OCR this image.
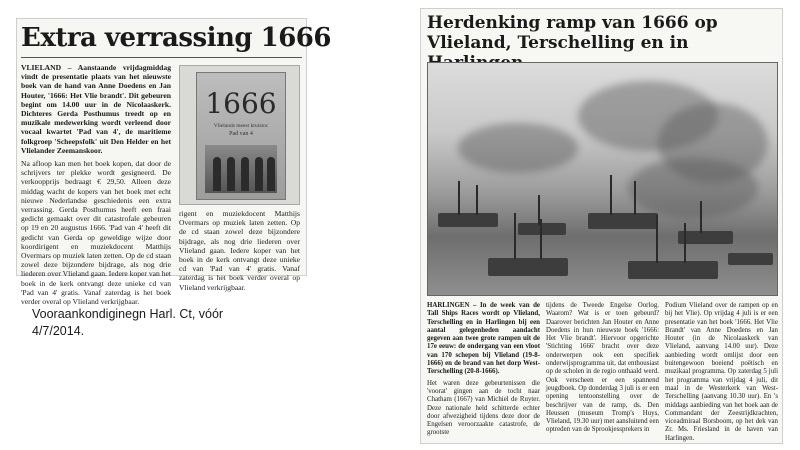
Extra verrassing 1666

VLIELAND – Aanstaande vrijdagmiddag vindt de presentatie plaats van het nieuwste boek van de hand van Anne Doedens en Jan Houter, '1666: Het Vlie brandt'. Dit gebeuren begint om 14.00 uur in de Nicolaaskerk. Dichteres Gerda Posthumus treedt op en muzikale medewerking wordt verleend door vocaal kwartet 'Pad van 4', de maritieme folkgroep 'Scheepsfolk' uit Den Helder en het Vlielander Zeemanskoor.

Na afloop kan men het boek kopen, dat door de schrijvers ter plekke wordt gesigneerd. De verkoopprijs bedraagt € 29,50. Alleen deze middag wacht de kopers van het boek met echt nieuwe Nederlandse geschiedenis een extra verrassing. Gerda Posthumus heeft een fraai gedicht gemaakt over dit catastrofale gebeuren op 19 en 20 augustus 1666. 'Pad van 4' heeft dit gedicht van Gerda op geweldige wijze door koordirigent en muziekdocent Matthijs Overmars op muziek laten zetten. Op de cd staan zowel deze bijzondere bijdrage, als nog drie liederen over Vlieland gaan. Iedere koper van het boek in de kerk ontvangt deze unieke cd van 'Pad van 4' gratis. Vanaf zaterdag is het boek verder overal op Vlieland verkrijgbaar.

1666
Vlielands meest kruistoc
Pad van 4
rigent en muziekdocent Matthijs Overmars op muziek laten zetten. Op de cd staan zowel deze bijzondere bijdrage, als nog drie liederen over Vlieland gaan. Iedere koper van het boek in de kerk ontvangt deze unieke cd van 'Pad van 4' gratis. Vanaf zaterdag is het boek verder overal op Vlieland verkrijgbaar.
Vooraankondiginegn Harl. Ct, vóór 4/7/2014.
Herdenking ramp van 1666 op Vlieland, Terschelling en in

HARLINGEN – In de week van de Tall Ships Races wordt op Vlieland, Terschelling en in Harlingen bij een aantal gelegenheden aandacht gegeven aan twee grote rampen uit de 17e eeuw: de ondergang van een vloot van 170 schepen bij Vlieland (19-8-1666) en de brand van het dorp West-Terschelling (20-8-1666).

Het waren deze gebeurtenissen die 'voorat' gingen aan de tocht naar Chatham (1667) van Michiel de Ruyter. Deze nationale held schitterde echter door afwezigheid tijdens deze door de Engelsen veroorzaakte catastrofe, de grootste

tijdens de Tweede Engelse Oorlog. Waarom? Wat is er toen gebeurd? Daarover berichten Jan Houter en Anne Doedens in hun nieuwste boek '1666: Het Vlie brandt'. Hiervoor opgerichte 'Stichting 1666' bracht over deze onderwerpen ook een specifiek onderwijsprogramma uit, dat enthousiast op de scholen in de regio onthaald werd. Ook verscheen er een spannend jeugdboek. Op donderdag 3 juli is er een opening tentoonstelling over de beschrijver van de ramp, ds. Den Heussen (museum Tromp's Huys, Vlieland, 19.30 uur) met aansluitend een optreden van de Sprookjessprekers in

Podium Vlieland over de rampen op en bij het Vlie). Op vrijdag 4 juli is er een presentatie van het boek '1666. Het Vlie Brandt' van Anne Doedens en Jan Houter (in de Nicolaaskerk van Vlieland, aanvang 14.00 uur). Deze aanbieding wordt omlijst door een buitengewoon boeiend poëtisch en muzikaal programma. Op zaterdag 5 juli het programma van vrijdag 4 juli, dit maal in de Westerkerk van West-Terschelling (aanvang 10.30 uur). En 's middags aanbieding van het boek aan de Commandant der Zeestrijdkrachten, viceadmiraal Borsboom, op het dek van Zr. Ms. Friesland in de haven van Harlingen.
